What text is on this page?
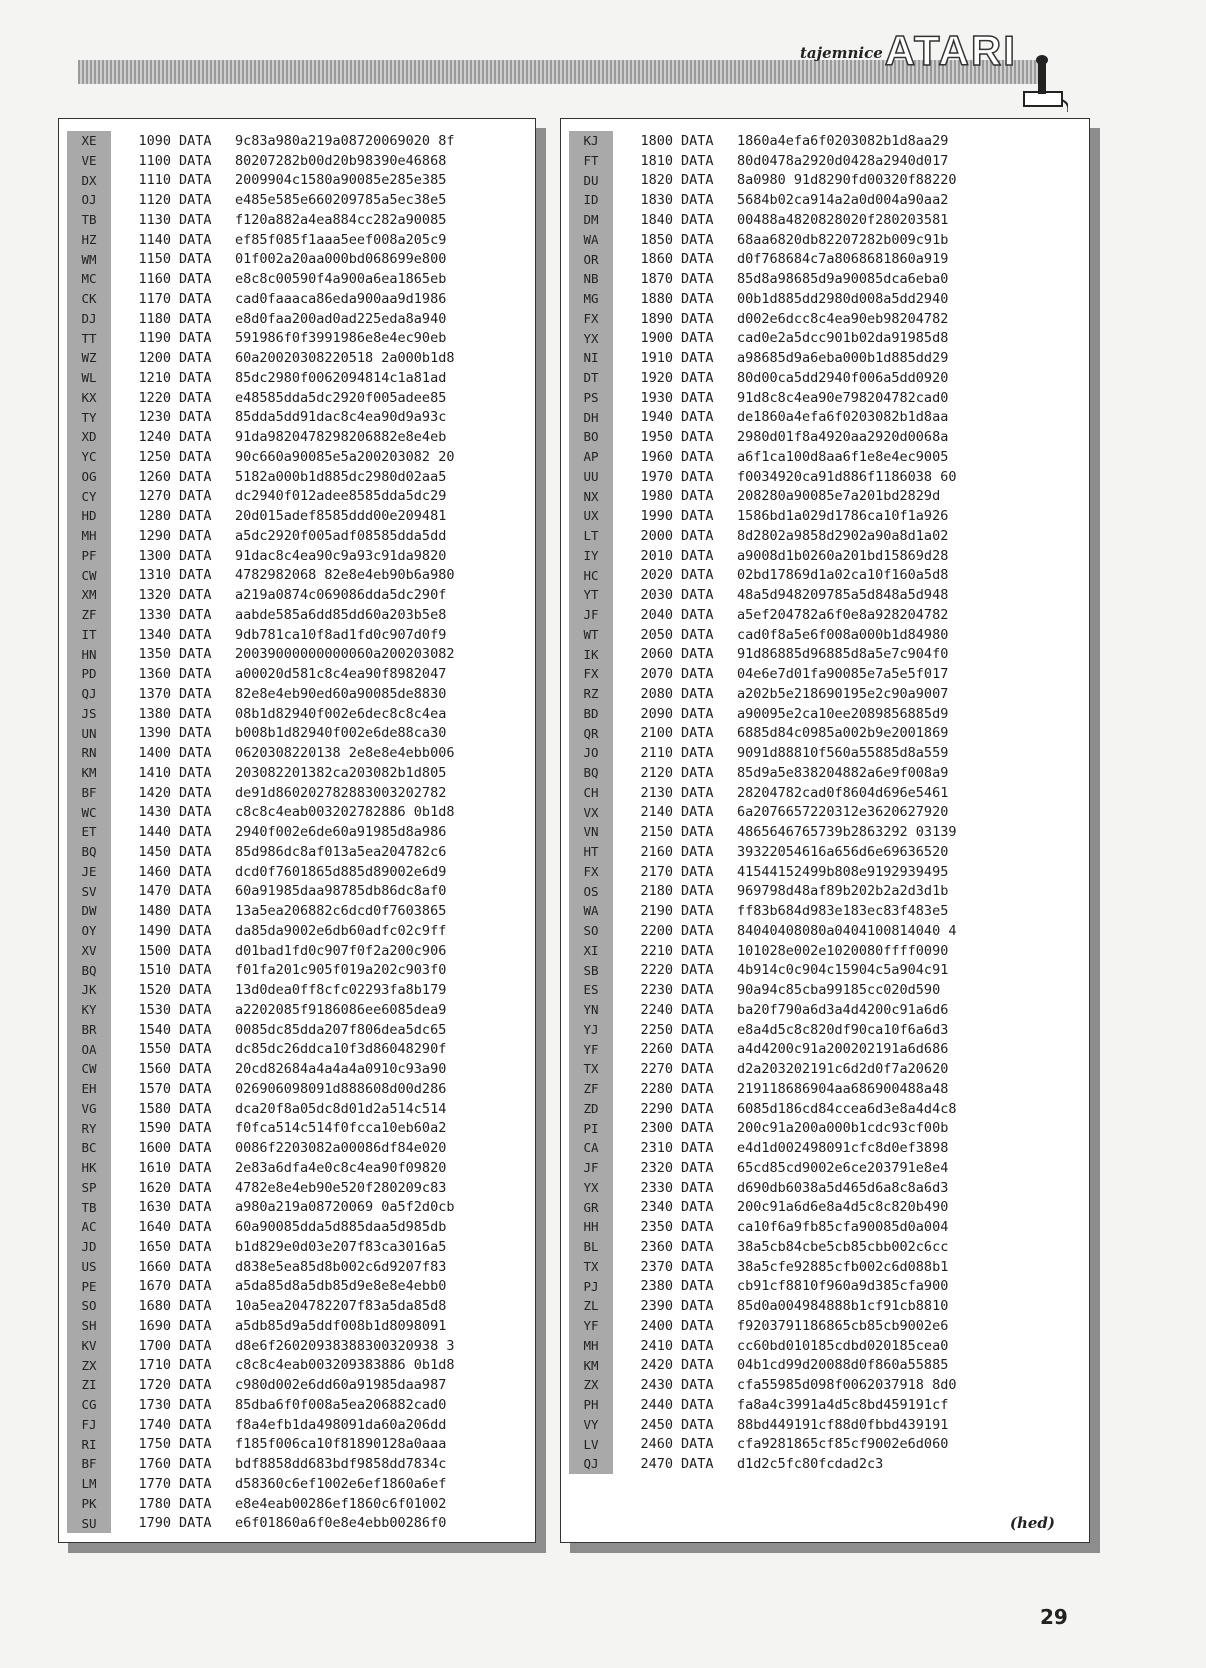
tajemnice ATARI
XE	1090 DATA	9c83a980a219a08720069020 8f
VE	1100 DATA	80207282b00d20b98390e46868
DX	1110 DATA	2009904c1580a90085e285e385
OJ	1120 DATA	e485e585e660209785a5ec38e5
TB	1130 DATA	f120a882a4ea884cc282a90085
HZ	1140 DATA	ef85f085f1aaa5eef008a205c9
WM	1150 DATA	01f002a20aa000bd068699e800
MC	1160 DATA	e8c8c00590f4a900a6ea1865eb
CK	1170 DATA	cad0faaaca86eda900aa9d1986
DJ	1180 DATA	e8d0faa200ad0ad225eda8a940
TT	1190 DATA	591986f0f3991986e8e4ec90eb
WZ	1200 DATA	60a20020308220518 2a000b1d8
WL	1210 DATA	85dc2980f0062094814c1a81ad
KX	1220 DATA	e48585dda5dc2920f005adee85
TY	1230 DATA	85dda5dd91dac8c4ea90d9a93c
XD	1240 DATA	91da9820478298206882e8e4eb
YC	1250 DATA	90c660a90085e5a200203082 20
OG	1260 DATA	5182a000b1d885dc2980d02aa5
CY	1270 DATA	dc2940f012adee8585dda5dc29
HD	1280 DATA	20d015adef8585ddd00e209481
MH	1290 DATA	a5dc2920f005adf08585dda5dd
PF	1300 DATA	91dac8c4ea90c9a93c91da9820
CW	1310 DATA	4782982068 82e8e4eb90b6a980
XM	1320 DATA	a219a0874c069086dda5dc290f
ZF	1330 DATA	aabde585a6dd85dd60a203b5e8
IT	1340 DATA	9db781ca10f8ad1fd0c907d0f9
HN	1350 DATA	20039000000000060a200203082
PD	1360 DATA	a00020d581c8c4ea90f8982047
QJ	1370 DATA	82e8e4eb90ed60a90085de8830
JS	1380 DATA	08b1d82940f002e6dec8c8c4ea
UN	1390 DATA	b008b1d82940f002e6de88ca30
RN	1400 DATA	0620308220138 2e8e8e4ebb006
KM	1410 DATA	203082201382ca203082b1d805
BF	1420 DATA	de91d860202782883003202782
WC	1430 DATA	c8c8c4eab003202782886 0b1d8
ET	1440 DATA	2940f002e6de60a91985d8a986
BQ	1450 DATA	85d986dc8af013a5ea204782c6
JE	1460 DATA	dcd0f7601865d885d89002e6d9
SV	1470 DATA	60a91985daa98785db86dc8af0
DW	1480 DATA	13a5ea206882c6dcd0f7603865
OY	1490 DATA	da85da9002e6db60adfc02c9ff
XV	1500 DATA	d01bad1fd0c907f0f2a200c906
BQ	1510 DATA	f01fa201c905f019a202c903f0
JK	1520 DATA	13d0dea0ff8cfc02293fa8b179
KY	1530 DATA	a2202085f9186086ee6085dea9
BR	1540 DATA	0085dc85dda207f806dea5dc65
OA	1550 DATA	dc85dc26ddca10f3d86048290f
CW	1560 DATA	20cd82684a4a4a4a0910c93a90
EH	1570 DATA	026906098091d888608d00d286
VG	1580 DATA	dca20f8a05dc8d01d2a514c514
RY	1590 DATA	f0fca514c514f0fcca10eb60a2
BC	1600 DATA	0086f2203082a00086df84e020
HK	1610 DATA	2e83a6dfa4e0c8c4ea90f09820
SP	1620 DATA	4782e8e4eb90e520f280209c83
TB	1630 DATA	a980a219a08720069 0a5f2d0cb
AC	1640 DATA	60a90085dda5d885daa5d985db
JD	1650 DATA	b1d829e0d03e207f83ca3016a5
US	1660 DATA	d838e5ea85d8b002c6d9207f83
PE	1670 DATA	a5da85d8a5db85d9e8e8e4ebb0
SO	1680 DATA	10a5ea204782207f83a5da85d8
SH	1690 DATA	a5db85d9a5ddf008b1d8098091
KV	1700 DATA	d8e6f26020938388300320938 3
ZX	1710 DATA	c8c8c4eab003209383886 0b1d8
ZI	1720 DATA	c980d002e6dd60a91985daa987
CG	1730 DATA	85dba6f0f008a5ea206882cad0
FJ	1740 DATA	f8a4efb1da498091da60a206dd
RI	1750 DATA	f185f006ca10f81890128a0aaa
BF	1760 DATA	bdf8858dd683bdf9858dd7834c
LM	1770 DATA	d58360c6ef1002e6ef1860a6ef
PK	1780 DATA	e8e4eab00286ef1860c6f01002
SU	1790 DATA	e6f01860a6f0e8e4ebb00286f0
KJ	1800 DATA	1860a4efa6f0203082b1d8aa29
FT	1810 DATA	80d0478a2920d0428a2940d017
DU	1820 DATA	8a0980 91d8290fd00320f88220
ID	1830 DATA	5684b02ca914a2a0d004a90aa2
DM	1840 DATA	00488a4820828020f280203581
WA	1850 DATA	68aa6820db82207282b009c91b
OR	1860 DATA	d0f768684c7a8068681860a919
NB	1870 DATA	85d8a98685d9a90085dca6eba0
MG	1880 DATA	00b1d885dd2980d008a5dd2940
FX	1890 DATA	d002e6dcc8c4ea90eb98204782
YX	1900 DATA	cad0e2a5dcc901b02da91985d8
NI	1910 DATA	a98685d9a6eba000b1d885dd29
DT	1920 DATA	80d00ca5dd2940f006a5dd0920
PS	1930 DATA	91d8c8c4ea90e798204782cad0
DH	1940 DATA	de1860a4efa6f0203082b1d8aa
BO	1950 DATA	2980d01f8a4920aa2920d0068a
AP	1960 DATA	a6f1ca100d8aa6f1e8e4ec9005
UU	1970 DATA	f0034920ca91d886f1186038 60
NX	1980 DATA	208280a90085e7a201bd2829d
UX	1990 DATA	1586bd1a029d1786ca10f1a926
LT	2000 DATA	8d2802a9858d2902a90a8d1a02
IY	2010 DATA	a9008d1b0260a201bd15869d28
HC	2020 DATA	02bd17869d1a02ca10f160a5d8
YT	2030 DATA	48a5d948209785a5d848a5d948
JF	2040 DATA	a5ef204782a6f0e8a928204782
WT	2050 DATA	cad0f8a5e6f008a000b1d84980
IK	2060 DATA	91d86885d96885d8a5e7c904f0
FX	2070 DATA	04e6e7d01fa90085e7a5e5f017
RZ	2080 DATA	a202b5e218690195e2c90a9007
BD	2090 DATA	a90095e2ca10ee2089856885d9
QR	2100 DATA	6885d84c0985a002b9e2001869
JO	2110 DATA	9091d88810f560a55885d8a559
BQ	2120 DATA	85d9a5e838204882a6e9f008a9
CH	2130 DATA	28204782cad0f8604d696e5461
VX	2140 DATA	6a2076657220312e3620627920
VN	2150 DATA	4865646765739b2863292 03139
HT	2160 DATA	39322054616a656d6e69636520
FX	2170 DATA	41544152499b808e9192939495
OS	2180 DATA	969798d48af89b202b2a2d3d1b
WA	2190 DATA	ff83b684d983e183ec83f483e5
SO	2200 DATA	84040408080a0404100814040 4
XI	2210 DATA	101028e002e1020080ffff0090
SB	2220 DATA	4b914c0c904c15904c5a904c91
ES	2230 DATA	90a94c85cba99185cc020d590
YN	2240 DATA	ba20f790a6d3a4d4200c91a6d6
YJ	2250 DATA	e8a4d5c8c820df90ca10f6a6d3
YF	2260 DATA	a4d4200c91a200202191a6d686
TX	2270 DATA	d2a203202191c6d2d0f7a20620
ZF	2280 DATA	219118686904aa686900488a48
ZD	2290 DATA	6085d186cd84ccea6d3e8a4d4c8
PI	2300 DATA	200c91a200a000b1cdc93cf00b
CA	2310 DATA	e4d1d002498091cfc8d0ef3898
JF	2320 DATA	65cd85cd9002e6ce203791e8e4
YX	2330 DATA	d690db6038a5d465d6a8c8a6d3
GR	2340 DATA	200c91a6d6e8a4d5c8c820b490
HH	2350 DATA	ca10f6a9fb85cfa90085d0a004
BL	2360 DATA	38a5cb84cbe5cb85cbb002c6cc
TX	2370 DATA	38a5cfe92885cfb002c6d088b1
PJ	2380 DATA	cb91cf8810f960a9d385cfa900
ZL	2390 DATA	85d0a004984888b1cf91cb8810
YF	2400 DATA	f9203791186865cb85cb9002e6
MH	2410 DATA	cc60bd010185cdbd020185cea0
KM	2420 DATA	04b1cd99d20088d0f860a55885
ZX	2430 DATA	cfa55985d098f0062037918 8d0
PH	2440 DATA	fa8a4c3991a4d5c8bd459191cf
VY	2450 DATA	88bd449191cf88d0fbbd439191
LV	2460 DATA	cfa9281865cf85cf9002e6d060
QJ	2470 DATA	d1d2c5fc80fcdad2c3
(hed)
29
